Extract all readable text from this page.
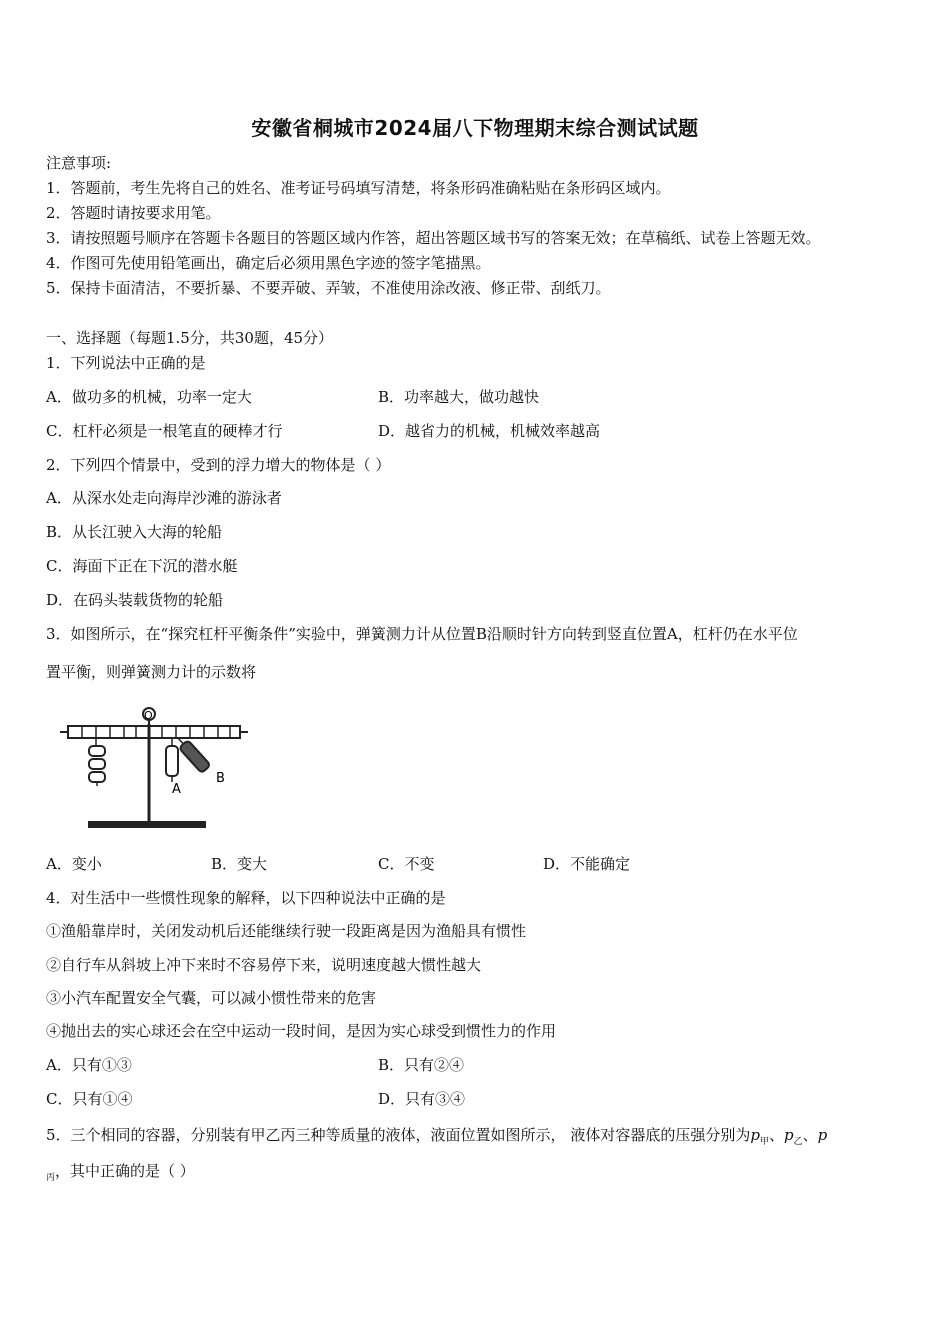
安徽省桐城市2024届八下物理期末综合测试试题
注意事项:
1．答题前，考生先将自己的姓名、准考证号码填写清楚，将条形码准确粘贴在条形码区域内。
2．答题时请按要求用笔。
3．请按照题号顺序在答题卡各题目的答题区域内作答，超出答题区域书写的答案无效；在草稿纸、试卷上答题无效。
4．作图可先使用铅笔画出，确定后必须用黑色字迹的签字笔描黑。
5．保持卡面清洁，不要折暴、不要弄破、弄皱，不准使用涂改液、修正带、刮纸刀。
一、选择题（每题1.5分，共30题，45分）
1．下列说法中正确的是
A．做功多的机械，功率一定大	B．功率越大，做功越快
C．杠杆必须是一根笔直的硬棒才行	D．越省力的机械，机械效率越高
2．下列四个情景中，受到的浮力增大的物体是（ ）
A．从深水处走向海岸沙滩的游泳者
B．从长江驶入大海的轮船
C．海面下正在下沉的潜水艇
D．在码头装载货物的轮船
3．如图所示，在“探究杠杆平衡条件”实验中，弹簧测力计从位置B沿顺时针方向转到竖直位置A，杠杆仍在水平位
置平衡，则弹簧测力计的示数将
O
A
B
A．变小	B．变大	C．不变	D．不能确定
4．对生活中一些惯性现象的解释，以下四种说法中正确的是
①渔船靠岸时，关闭发动机后还能继续行驶一段距离是因为渔船具有惯性
②自行车从斜坡上冲下来时不容易停下来，说明速度越大惯性越大
③小汽车配置安全气囊，可以减小惯性带来的危害
④抛出去的实心球还会在空中运动一段时间，是因为实心球受到惯性力的作用
A．只有①③	B．只有②④
C．只有①④	D．只有③④
5．三个相同的容器，分别装有甲乙丙三种等质量的液体，液面位置如图所示， 液体对容器底的压强分别为$p_甲$、$p_乙$、p
$_丙$，其中正确的是（ ）
